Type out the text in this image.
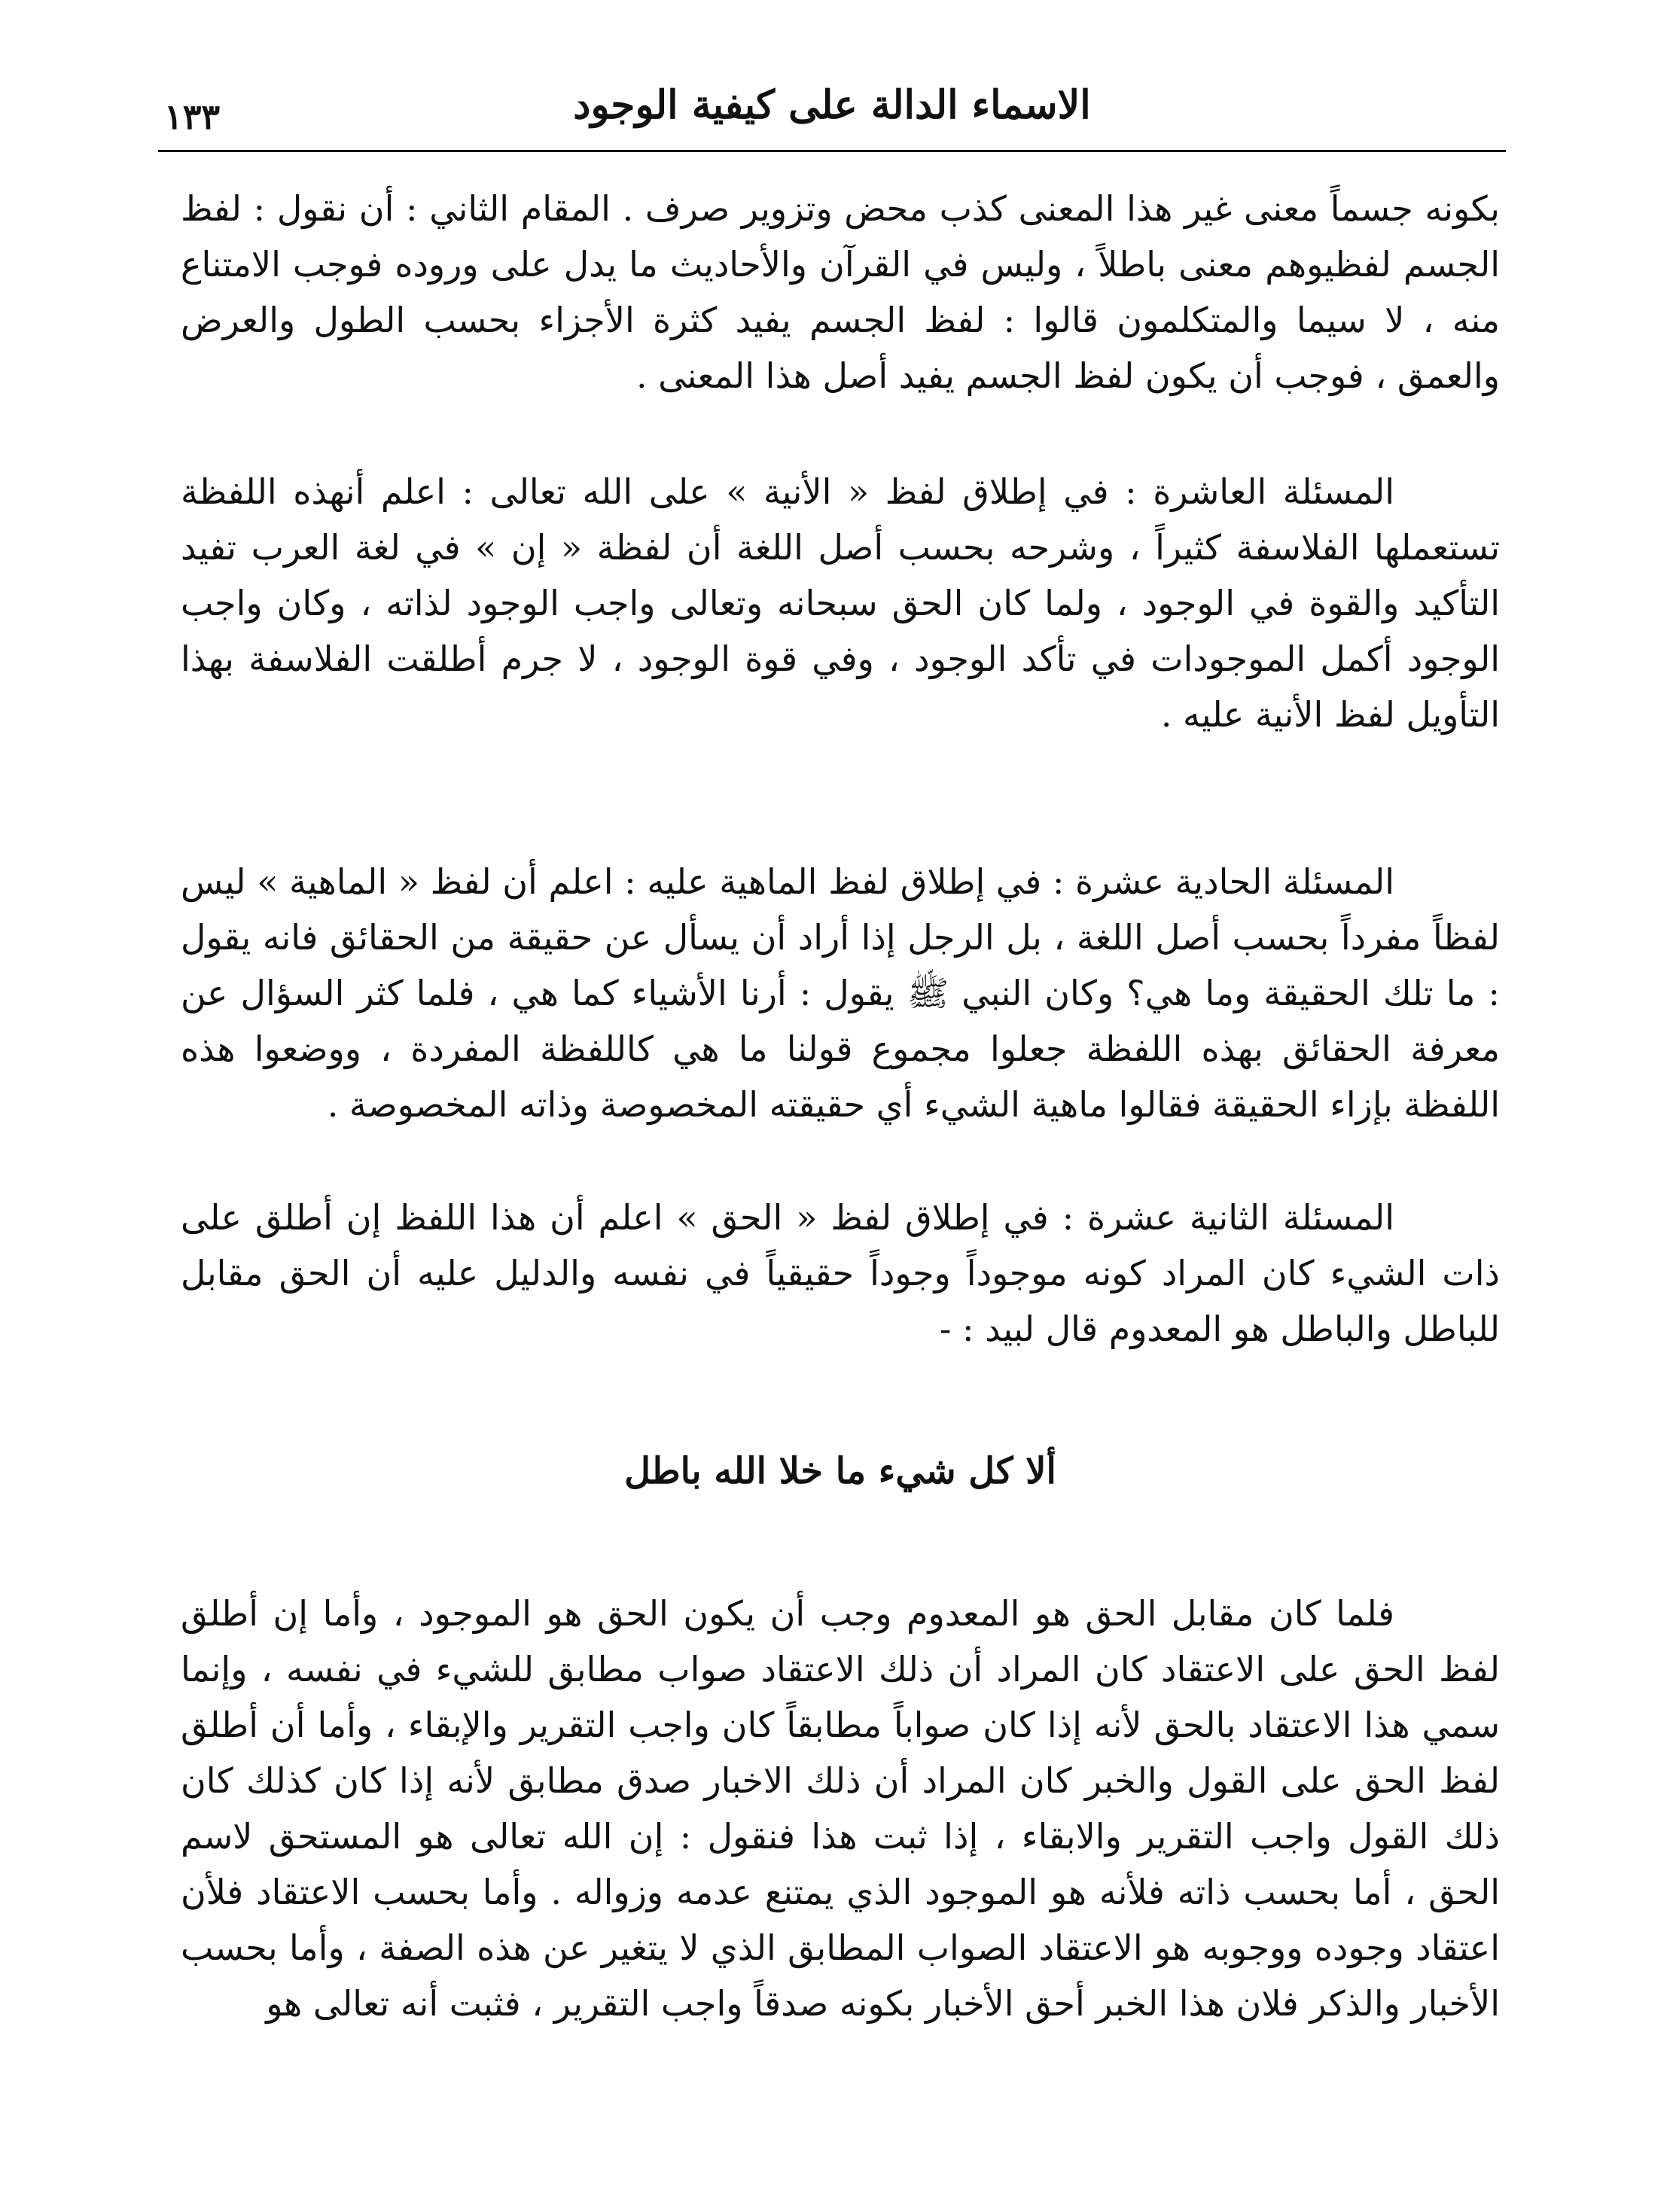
الاسماء الدالة على كيفية الوجود
١٣٣

بكونه جسماً معنى غير هذا المعنى كذب محض وتزوير صرف . المقام الثاني : أن نقول : لفظ الجسم لفظيوهم معنى باطلاً ، وليس في القرآن والأحاديث ما يدل على وروده فوجب الامتناع منه ، لا سيما والمتكلمون قالوا : لفظ الجسم يفيد كثرة الأجزاء بحسب الطول والعرض والعمق ، فوجب أن يكون لفظ الجسم يفيد أصل هذا المعنى .

المسئلة العاشرة : في إطلاق لفظ « الأنية » على الله تعالى : اعلم أنهذه اللفظة تستعملها الفلاسفة كثيراً ، وشرحه بحسب أصل اللغة أن لفظة « إن » في لغة العرب تفيد التأكيد والقوة في الوجود ، ولما كان الحق سبحانه وتعالى واجب الوجود لذاته ، وكان واجب الوجود أكمل الموجودات في تأكد الوجود ، وفي قوة الوجود ، لا جرم أطلقت الفلاسفة بهذا التأويل لفظ الأنية عليه .

المسئلة الحادية عشرة : في إطلاق لفظ الماهية عليه : اعلم أن لفظ « الماهية » ليس لفظاً مفرداً بحسب أصل اللغة ، بل الرجل إذا أراد أن يسأل عن حقيقة من الحقائق فانه يقول : ما تلك الحقيقة وما هي؟ وكان النبي ﷺ يقول : أرنا الأشياء كما هي ، فلما كثر السؤال عن معرفة الحقائق بهذه اللفظة جعلوا مجموع قولنا ما هي كاللفظة المفردة ، ووضعوا هذه اللفظة بإزاء الحقيقة فقالوا ماهية الشيء أي حقيقته المخصوصة وذاته المخصوصة .

المسئلة الثانية عشرة : في إطلاق لفظ « الحق » اعلم أن هذا اللفظ إن أطلق على ذات الشيء كان المراد كونه موجوداً وجوداً حقيقياً في نفسه والدليل عليه أن الحق مقابل للباطل والباطل هو المعدوم قال لبيد : -

ألا كل شيء ما خلا الله باطل

فلما كان مقابل الحق هو المعدوم وجب أن يكون الحق هو الموجود ، وأما إن أطلق لفظ الحق على الاعتقاد كان المراد أن ذلك الاعتقاد صواب مطابق للشيء في نفسه ، وإنما سمي هذا الاعتقاد بالحق لأنه إذا كان صواباً مطابقاً كان واجب التقرير والإبقاء ، وأما أن أطلق لفظ الحق على القول والخبر كان المراد أن ذلك الاخبار صدق مطابق لأنه إذا كان كذلك كان ذلك القول واجب التقرير والابقاء ، إذا ثبت هذا فنقول : إن الله تعالى هو المستحق لاسم الحق ، أما بحسب ذاته فلأنه هو الموجود الذي يمتنع عدمه وزواله . وأما بحسب الاعتقاد فلأن اعتقاد وجوده ووجوبه هو الاعتقاد الصواب المطابق الذي لا يتغير عن هذه الصفة ، وأما بحسب الأخبار والذكر فلان هذا الخبر أحق الأخبار بكونه صدقاً واجب التقرير ، فثبت أنه تعالى هو
